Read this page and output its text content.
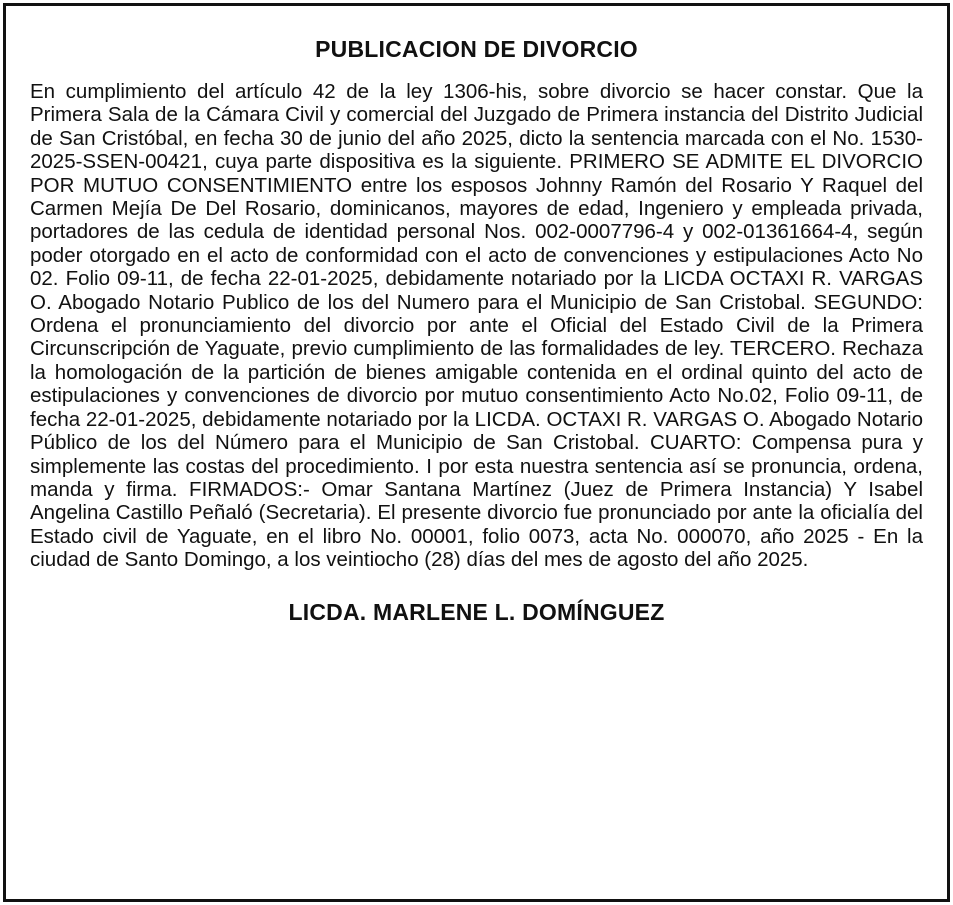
PUBLICACION DE DIVORCIO
En cumplimiento del artículo 42 de la ley 1306-his, sobre divorcio se hacer constar. Que la Primera Sala de la Cámara Civil y comercial del Juzgado de Primera instancia del Distrito Judicial de San Cristóbal, en fecha 30 de junio del año 2025, dicto la sentencia marcada con el No. 1530-2025-SSEN-00421, cuya parte dispositiva es la siguiente. PRIMERO SE ADMITE EL DIVORCIO POR MUTUO CONSENTIMIENTO entre los esposos Johnny Ramón del Rosario Y Raquel del Carmen Mejía De Del Rosario, dominicanos, mayores de edad, Ingeniero y empleada privada, portadores de las cedula de identidad personal Nos. 002-0007796-4 y 002-01361664-4, según poder otorgado en el acto de conformidad con el acto de convenciones y estipulaciones Acto No 02. Folio 09-11, de fecha 22-01-2025, debidamente notariado por la LICDA OCTAXI R. VARGAS O. Abogado Notario Publico de los del Numero para el Municipio de San Cristobal. SEGUNDO: Ordena el pronunciamiento del divorcio por ante el Oficial del Estado Civil de la Primera Circunscripción de Yaguate, previo cumplimiento de las formalidades de ley. TERCERO. Rechaza la homologación de la partición de bienes amigable contenida en el ordinal quinto del acto de estipulaciones y convenciones de divorcio por mutuo consentimiento Acto No.02, Folio 09-11, de fecha 22-01-2025, debidamente notariado por la LICDA. OCTAXI R. VARGAS O. Abogado Notario Público de los del Número para el Municipio de San Cristobal. CUARTO: Compensa pura y simplemente las costas del procedimiento. I por esta nuestra sentencia así se pronuncia, ordena, manda y firma. FIRMADOS:- Omar Santana Martínez (Juez de Primera Instancia) Y Isabel Angelina Castillo Peñaló (Secretaria). El presente divorcio fue pronunciado por ante la oficialía del Estado civil de Yaguate, en el libro No. 00001, folio 0073, acta No. 000070, año 2025 - En la ciudad de Santo Domingo, a los veintiocho (28) días del mes de agosto del año 2025.
LICDA. MARLENE L. DOMÍNGUEZ
